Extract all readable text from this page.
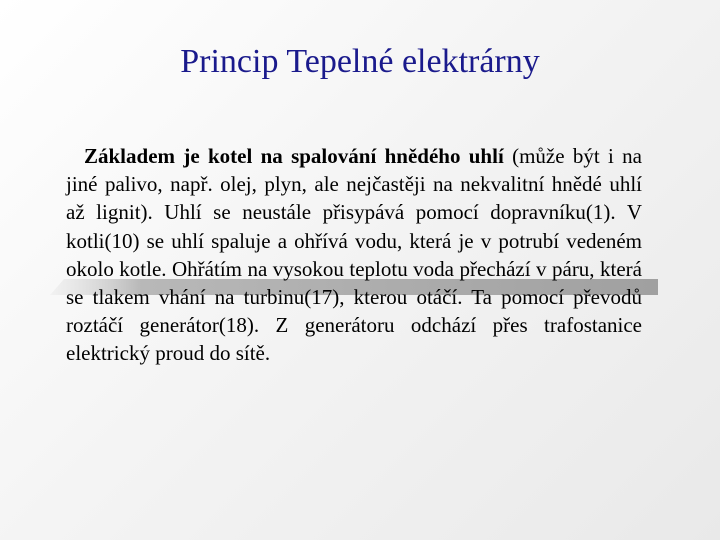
Princip Tepelné elektrárny
Základem je kotel na spalování hnědého uhlí (může být i na jiné palivo, např. olej, plyn, ale nejčastěji na nekvalitní hnědé uhlí až lignit). Uhlí se neustále přisypává pomocí dopravníku(1). V kotli(10) se uhlí spaluje a ohřívá vodu, která je v potrubí vedeném okolo kotle. Ohřátím na vysokou teplotu voda přechází v páru, která se tlakem vhání na turbinu(17), kterou otáčí. Ta pomocí převodů roztáčí generátor(18). Z generátoru odchází přes trafostanice elektrický proud do sítě.
